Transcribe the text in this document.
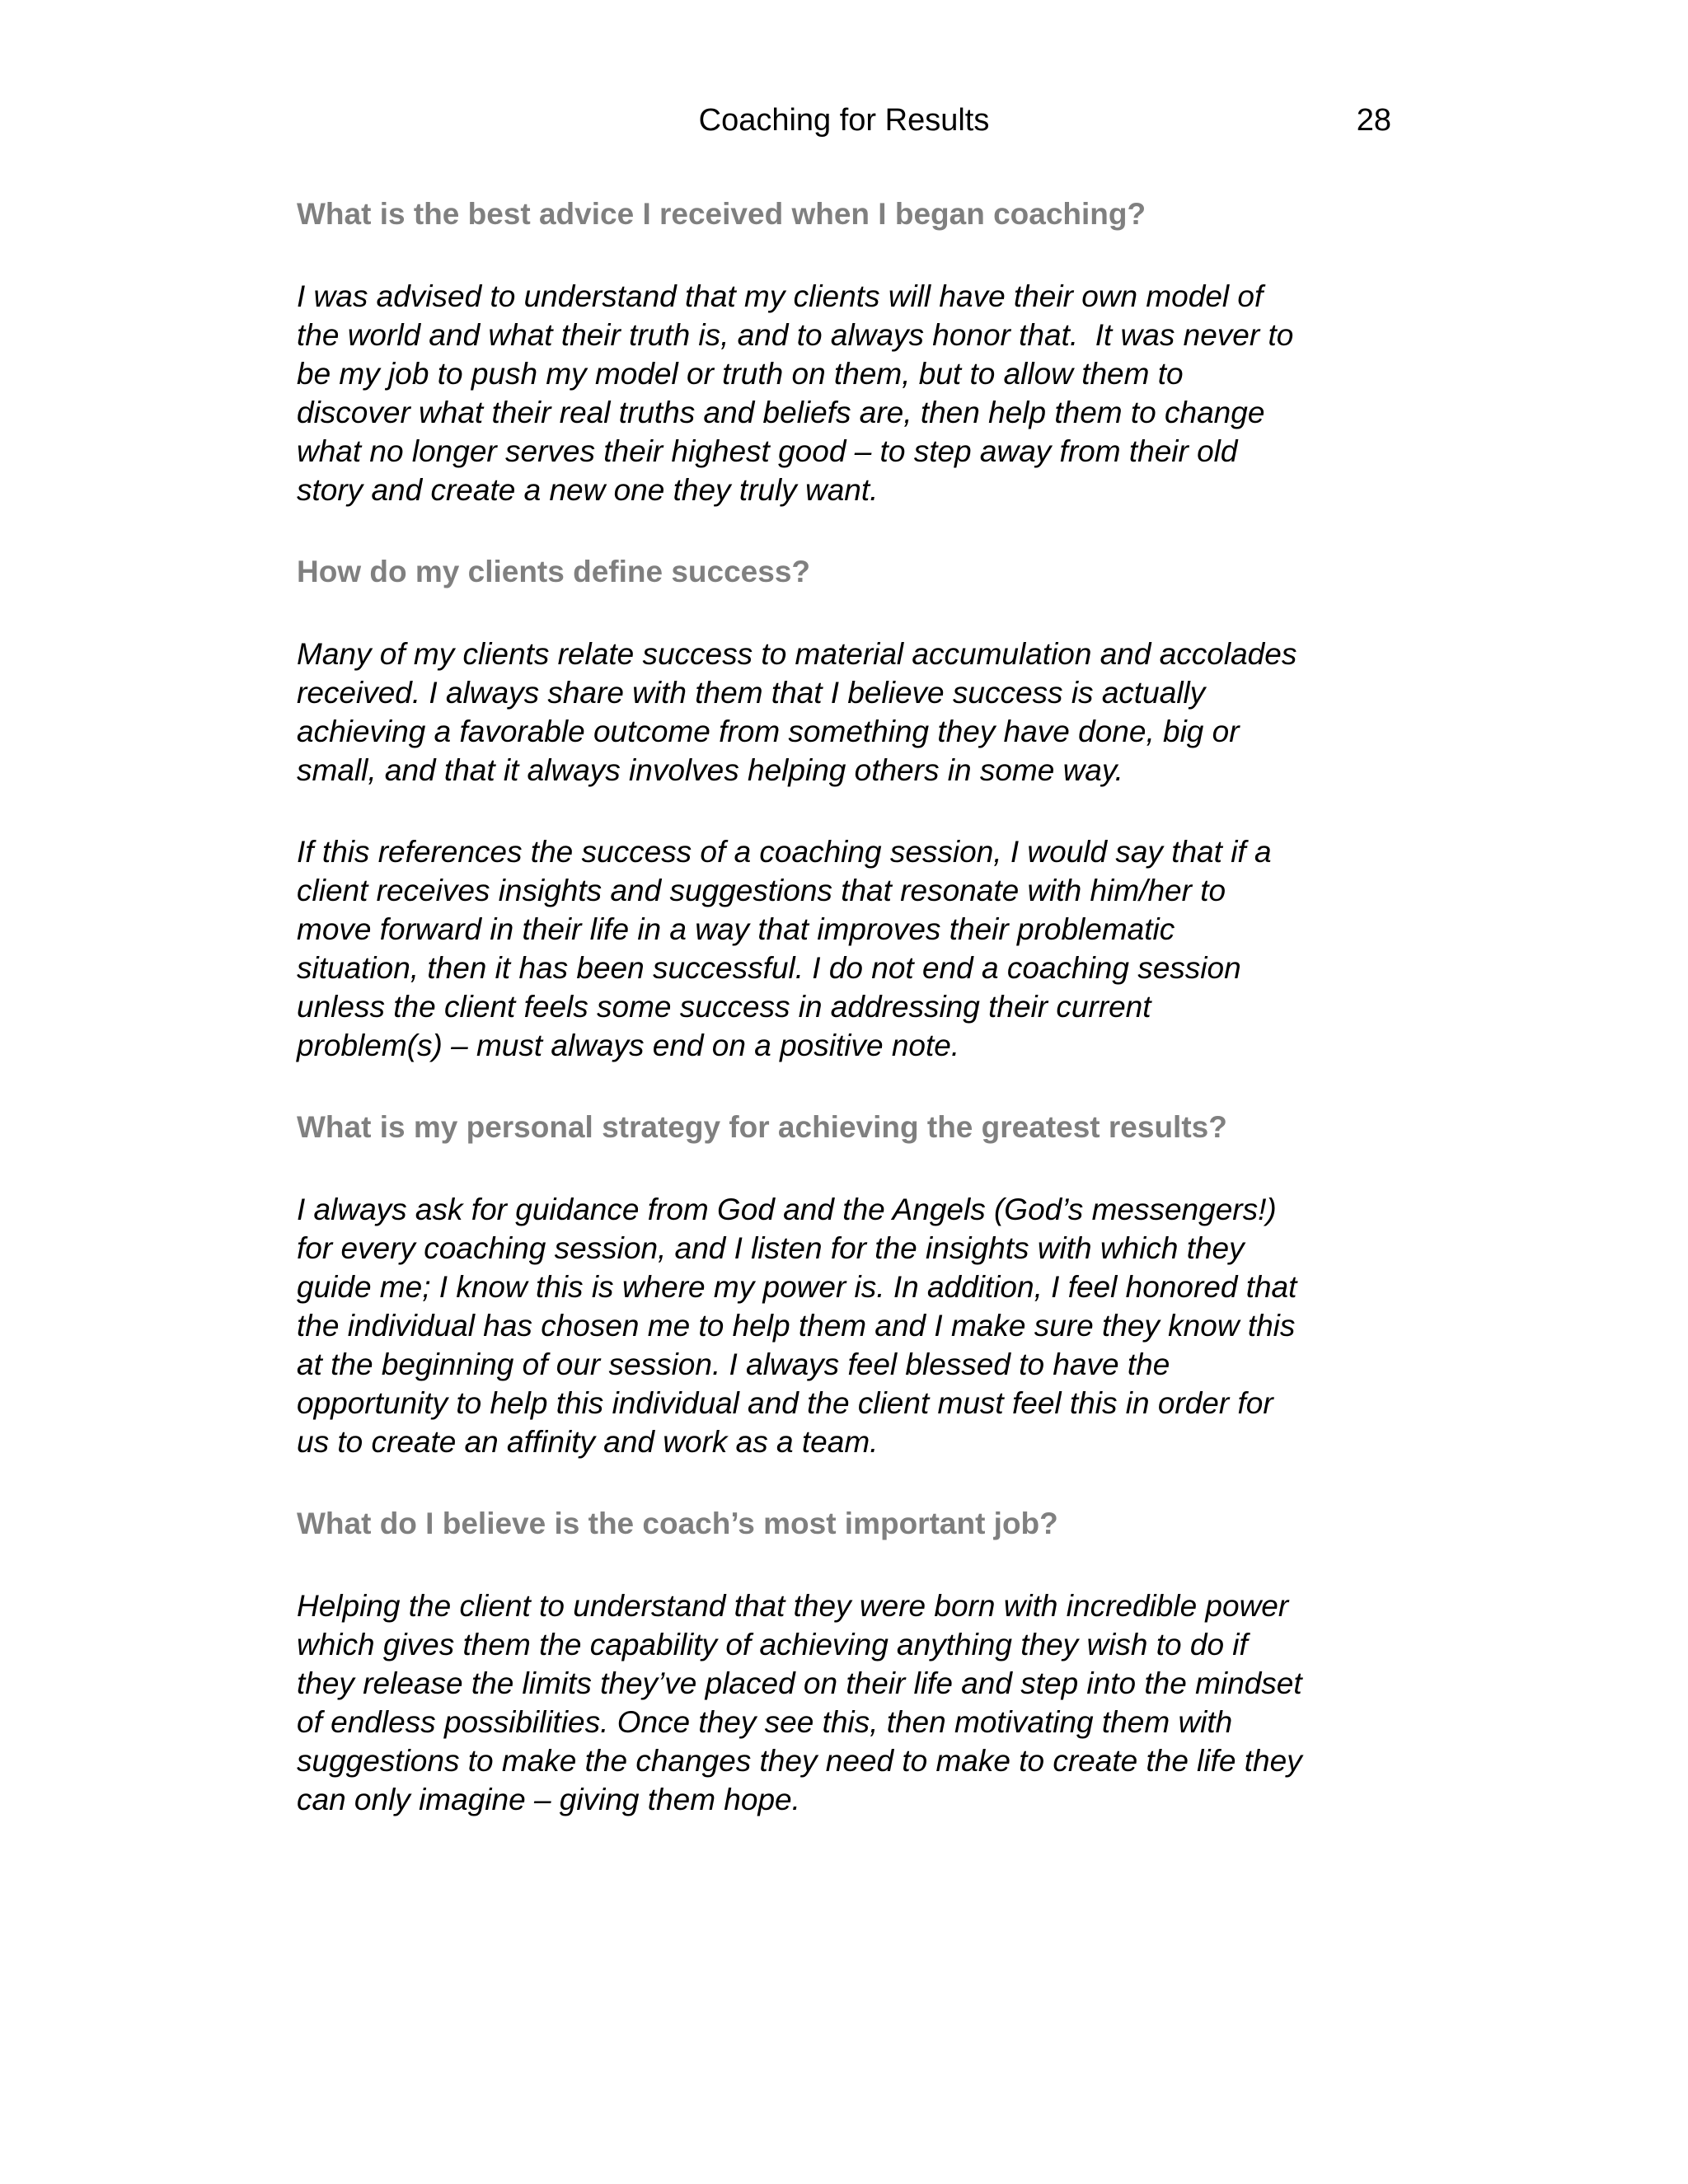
Coaching for Results	28
What is the best advice I received when I began coaching?

I was advised to understand that my clients will have their own model of
the world and what their truth is, and to always honor that.  It was never to
be my job to push my model or truth on them, but to allow them to
discover what their real truths and beliefs are, then help them to change
what no longer serves their highest good – to step away from their old
story and create a new one they truly want.

How do my clients define success?

Many of my clients relate success to material accumulation and accolades
received. I always share with them that I believe success is actually
achieving a favorable outcome from something they have done, big or
small, and that it always involves helping others in some way.

If this references the success of a coaching session, I would say that if a
client receives insights and suggestions that resonate with him/her to
move forward in their life in a way that improves their problematic
situation, then it has been successful. I do not end a coaching session
unless the client feels some success in addressing their current
problem(s) – must always end on a positive note.

What is my personal strategy for achieving the greatest results?

I always ask for guidance from God and the Angels (God’s messengers!)
for every coaching session, and I listen for the insights with which they
guide me; I know this is where my power is. In addition, I feel honored that
the individual has chosen me to help them and I make sure they know this
at the beginning of our session. I always feel blessed to have the
opportunity to help this individual and the client must feel this in order for
us to create an affinity and work as a team.

What do I believe is the coach’s most important job?

Helping the client to understand that they were born with incredible power
which gives them the capability of achieving anything they wish to do if
they release the limits they’ve placed on their life and step into the mindset
of endless possibilities. Once they see this, then motivating them with
suggestions to make the changes they need to make to create the life they
can only imagine – giving them hope.
